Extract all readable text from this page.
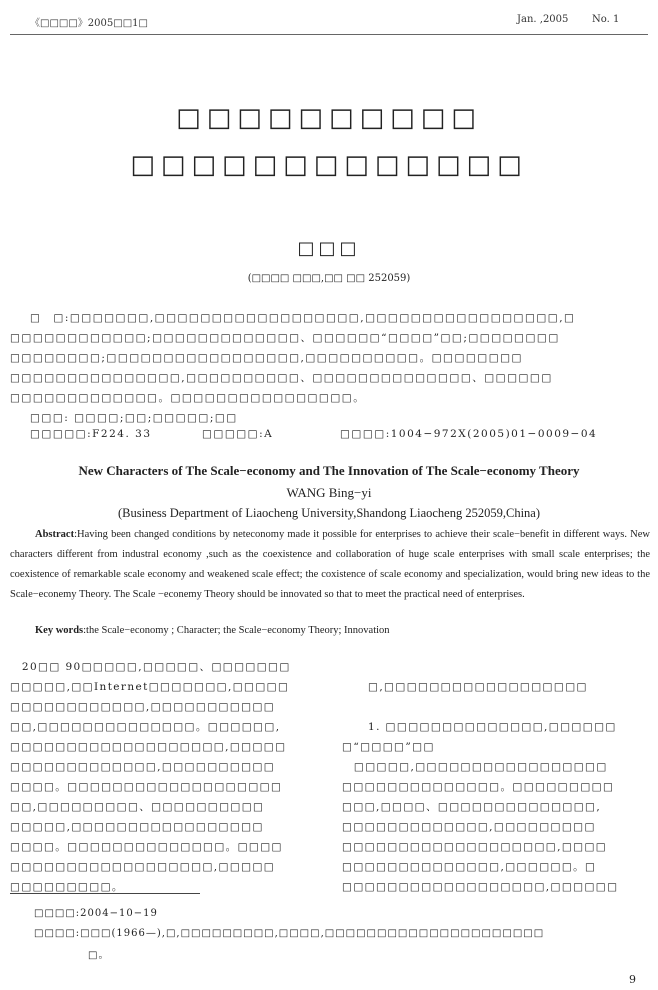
《□□□□》2005□□1□	Jan. ,2005 No. 1
□□□□□□□□□□
□□□□□□□□□□□□□
□□□
(□□□□ □□□,□□ □□ 252059)
□　□:□□□□□□□,□□□□□□□□□□□□□□□□□□,□□□□□□□□□□□□□□□□□,□
□□□□□□□□□□□□;□□□□□□□□□□□□□、□□□□□□“□□□□”□□;□□□□□□□□
□□□□□□□□;□□□□□□□□□□□□□□□□□,□□□□□□□□□□。□□□□□□□□
□□□□□□□□□□□□□□□,□□□□□□□□□□、□□□□□□□□□□□□□□、□□□□□□
□□□□□□□□□□□□□。□□□□□□□□□□□□□□□□。
□□□: □□□□;□□;□□□□□;□□
□□□□□:F224. 33	□□□□□:A	□□□□:1004−972X(2005)01−0009−04
New Characters of The Scale−economy and The Innovation of The Scale−economy Theory
WANG Bing−yi
(Business Department of Liaocheng University,Shandong Liaocheng 252059,China)
Abstract:Having been changed conditions by neteconomy made it possible for enterprises to achieve their scale−benefit in different ways. New characters different from industral economy ,such as the coexistence and collaboration of huge scale enterprises with small scale enterprises; the coexistence of remarkable scale economy and weakened scale effect; the coxistence of scale economy and specialization, would bring new ideas to the Scale−econemy Theory. The Scale −econemy Theory should be innovated so that to meet the practical need of enterprises.
Key words:the Scale−economy ; Character; the Scale−economy Theory; Innovation
　20□□ 90□□□□□,□□□□□、□□□□□□□
□□□□□,□□Internet□□□□□□□,□□□□□
□□□□□□□□□□□□,□□□□□□□□□□□
□□,□□□□□□□□□□□□□□。□□□□□□,
□□□□□□□□□□□□□□□□□□□,□□□□□
□□□□□□□□□□□□□,□□□□□□□□□□
□□□□。□□□□□□□□□□□□□□□□□□□
□□,□□□□□□□□□、□□□□□□□□□□
□□□□□,□□□□□□□□□□□□□□□□□
□□□□。□□□□□□□□□□□□□□。□□□□
□□□□□□□□□□□□□□□□□□,□□□□□
□□□□□□□□□。
□,□□□□□□□□□□□□□□□□□□
1. □□□□□□□□□□□□□□,□□□□□□
□“□□□□”□□
　□□□□□,□□□□□□□□□□□□□□□□□
□□□□□□□□□□□□□□。□□□□□□□□□
□□□,□□□□、□□□□□□□□□□□□□□,
□□□□□□□□□□□□□,□□□□□□□□□
□□□□□□□□□□□□□□□□□□□,□□□□
□□□□□□□□□□□□□□,□□□□□□。□
□□□□□□□□□□□□□□□□□□,□□□□□□
□□□□:2004−10−19
□□□□:□□□(1966—),□,□□□□□□□□□,□□□□,□□□□□□□□□□□□□□□□□□□□□
□。
9
